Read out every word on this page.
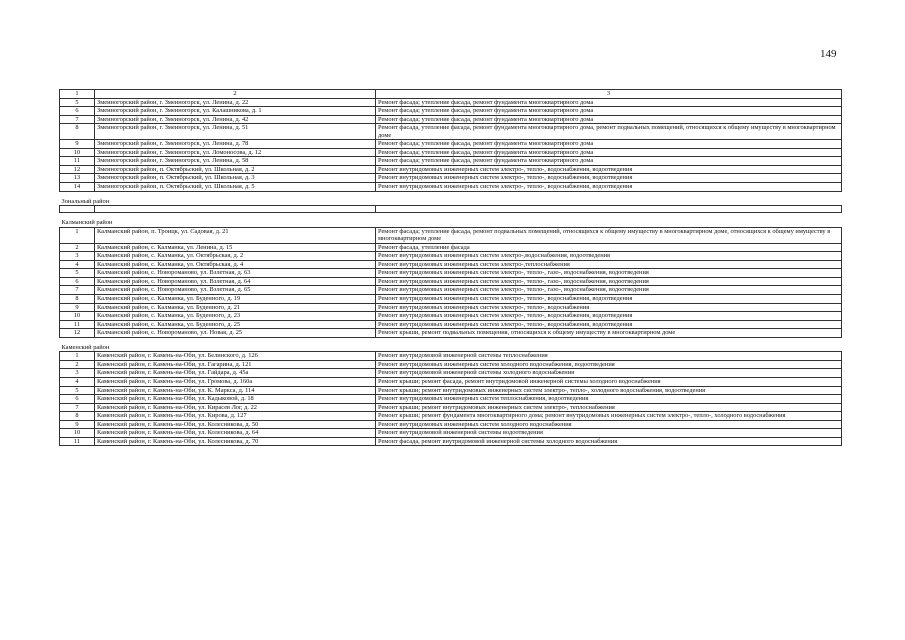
149
1	2	3
5	Змеиногорский район, г. Змеиногорск, ул. Ленина, д. 22	Ремонт фасада; утепление фасада, ремонт фундамента многоквартирного дома
6	Змеиногорский район, г. Змеиногорск, ул. Калашникова, д. 1	Ремонт фасада; утепление фасада, ремонт фундамента многоквартирного дома
7	Змеиногорский район, г. Змеиногорск, ул. Ленина, д. 42	Ремонт фасада; утепление фасада, ремонт фундамента многоквартирного дома
8	Змеиногорский район, г. Змеиногорск, ул. Ленина, д. 51	Ремонт фасада, утепление фасада, ремонт фундамента многоквартирного дома, ремонт подвальных помещений, относящихся к общему имуществу в многоквартирном доме
9	Змеиногорский район, г. Змеиногорск, ул. Ленина, д. 78	Ремонт фасада; утепление фасада, ремонт фундамента многоквартирного дома
10	Змеиногорский район, г. Змеиногорск, ул. Ломоносова, д. 12	Ремонт фасада; утепление фасада, ремонт фундамента многоквартирного дома
11	Змеиногорский район, г. Змеиногорск, ул. Ленина, д. 58	Ремонт фасада; утепление фасада, ремонт фундамента многоквартирного дома
12	Змеиногорский район, п. Октябрьский, ул. Школьная, д. 2	Ремонт внутридомовых инженерных систем электро-, тепло-, водоснабжения, водоотведения
13	Змеиногорский район, п. Октябрьский, ул. Школьная, д. 3	Ремонт внутридомовых инженерных систем электро-, тепло-, водоснабжения, водоотведения
14	Змеиногорский район, п. Октябрьский, ул. Школьная, д. 5	Ремонт внутридомовых инженерных систем электро-, тепло-, водоснабжения, водоотведения
Зональный район		

Калманский район		
1	Калманский район, п. Троицк, ул. Садовая, д. 21	Ремонт фасада; утепление фасада, ремонт подвальных помещений, относящихся к общему имуществу в многоквартирном доме, относящихся к общему имуществу в многоквартирном доме
2	Калманский район, с. Калманка, ул. Ленина, д. 15	Ремонт фасада, утепление фасада
3	Калманский район, с. Калманка, ул. Октябрьская, д. 2	Ремонт внутридомовых инженерных систем электро-,водоснабжения, водоотведения
4	Калманский район, с. Калманка, ул. Октябрьская, д. 4	Ремонт внутридомовых инженерных систем электро-,теплоснабжения
5	Калманский район, с. Новороманово, ул. Взлетная, д. 63	Ремонт внутридомовых инженерных систем электро-, тепло-, газо-, водоснабжения, водоотведения
6	Калманский район, с. Новороманово, ул. Взлетная, д. 64	Ремонт внутридомовых инженерных систем электро-, тепло-, газо-, водоснабжения, водоотведения
7	Калманский район, с. Новороманово, ул. Взлетная, д. 65	Ремонт внутридомовых инженерных систем электро-, тепло-, газо-, водоснабжения, водоотведения
8	Калманский район, с. Калманка, ул. Буденного, д. 19	Ремонт внутридомовых инженерных систем электро-, тепло-, водоснабжения, водоотведения
9	Калманский район, с. Калманка, ул. Буденного, д. 21	Ремонт внутридомовых инженерных систем электро-, тепло-, водоснабжения
10	Калманский район, с. Калманка, ул. Буденного, д. 23	Ремонт внутридомовых инженерных систем электро-, тепло-, водоснабжения, водоотведения
11	Калманский район, с. Калманка, ул. Буденного, д. 25	Ремонт внутридомовых инженерных систем электро-, тепло-, водоснабжения, водоотведения
12	Калманский район, с. Новороманово, ул. Новая, д. 25	Ремонт крыши, ремонт подвальных помещения, относящихся к общему имуществу в многоквартирном доме
Каменский район		
1	Каменский район, г. Камень-на-Оби, ул. Белинского, д. 126	Ремонт внутридомовой инженерной системы теплоснабжения
2	Каменский район, г. Камень-на-Оби, ул. Гагарина, д. 121	Ремонт внутридомовых инженерных систем холодного водоснабжения, водоотведения
3	Каменский район, г. Камень-на-Оби, ул. Гайдара, д. 45а	Ремонт внутридомовой инженерной системы холодного водоснабжения
4	Каменский район, г. Камень-на-Оби, ул. Громова, д. 160а	Ремонт крыши; ремонт фасада, ремонт внутридомовой инженерной системы холодного водоснабжения
5	Каменский район, г. Камень-на-Оби, ул. К. Маркса, д. 114	Ремонт крыши; ремонт внутридомовых инженерных систем электро-, тепло-, холодного водоснабжения, водоотведения
6	Каменский район, г. Камень-на-Оби, ул. Кадыковой, д. 18	Ремонт внутридомовых инженерных систем теплоснабжения, водоотведения
7	Каменский район, г. Камень-на-Оби, ул. Кирасев Лог, д. 22	Ремонт крыши; ремонт внутридомовых инженерных систем электро-, теплоснабжения
8	Каменский район, г. Камень-на-Оби, ул. Кирова, д. 127	Ремонт крыши; ремонт фундамента многоквартирного дома; ремонт внутридомовых инженерных систем электро-, тепло-, холодного водоснабжения
9	Каменский район, г. Камень-на-Оби, ул. Колесникова, д. 50	Ремонт внутридомовых инженерных систем холодного водоснабжения
10	Каменский район, г. Камень-на-Оби, ул. Колесникова, д. 64	Ремонт внутридомовой инженерной системы водоотведения
11	Каменский район, г. Камень-на-Оби, ул. Колесникова, д. 70	Ремонт фасада, ремонт внутридомовой инженерной системы холодного водоснабжения
